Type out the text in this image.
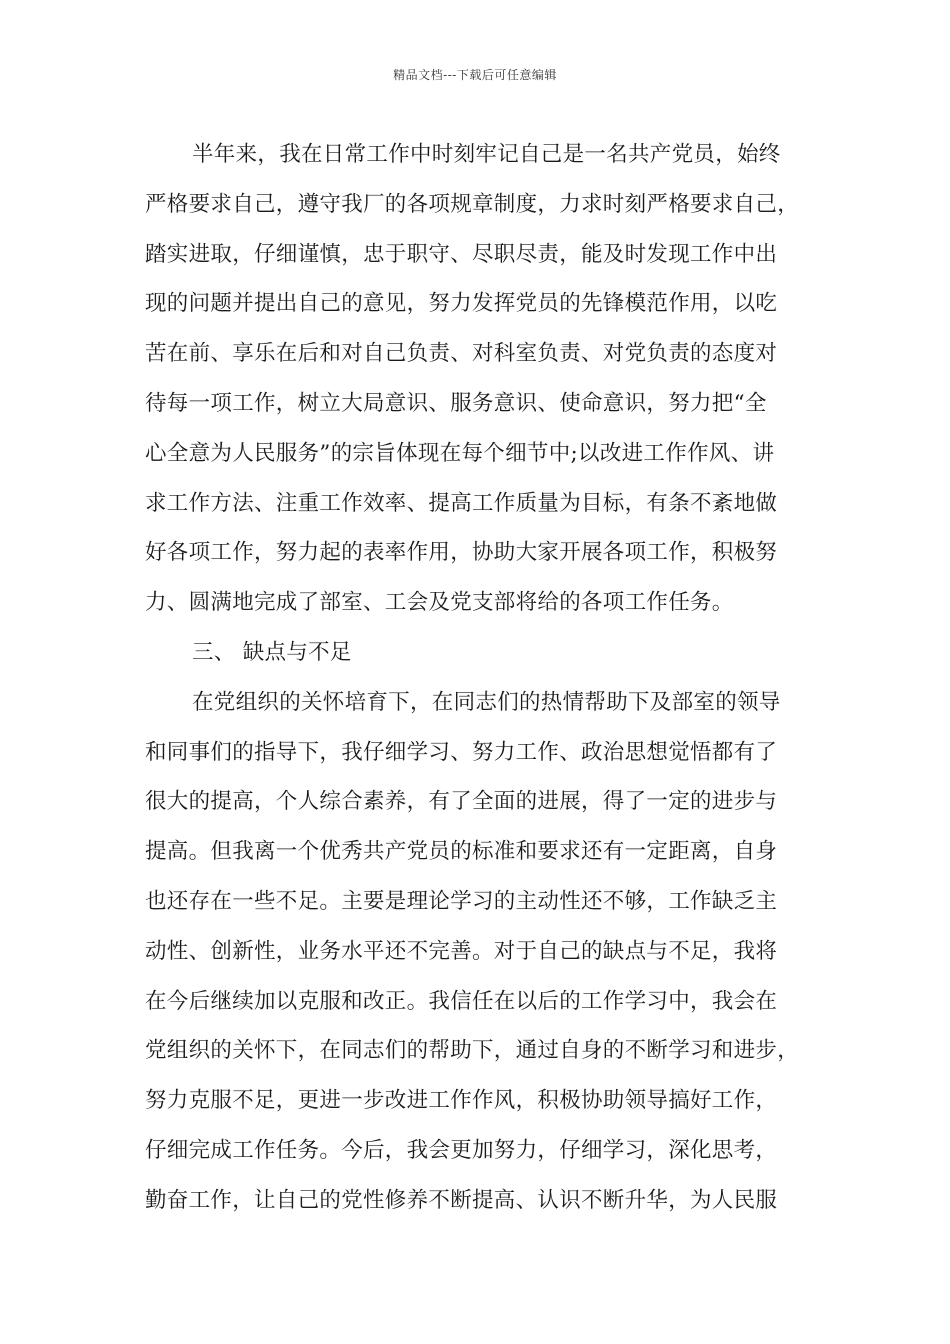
精品文档---下载后可任意编辑
半年来，我在日常工作中时刻牢记自己是一名共产党员，始终
严格要求自己，遵守我厂的各项规章制度，力求时刻严格要求自己，
踏实进取，仔细谨慎，忠于职守、尽职尽责，能及时发现工作中出
现的问题并提出自己的意见，努力发挥党员的先锋模范作用，以吃
苦在前、享乐在后和对自己负责、对科室负责、对党负责的态度对
待每一项工作，树立大局意识、服务意识、使命意识，努力把“全
心全意为人民服务”的宗旨体现在每个细节中;以改进工作作风、讲
求工作方法、注重工作效率、提高工作质量为目标，有条不紊地做
好各项工作，努力起的表率作用，协助大家开展各项工作，积极努
力、圆满地完成了部室、工会及党支部将给的各项工作任务。
三、 缺点与不足
在党组织的关怀培育下，在同志们的热情帮助下及部室的领导
和同事们的指导下，我仔细学习、努力工作、政治思想觉悟都有了
很大的提高，个人综合素养，有了全面的进展，得了一定的进步与
提高。但我离一个优秀共产党员的标准和要求还有一定距离，自身
也还存在一些不足。主要是理论学习的主动性还不够，工作缺乏主
动性、创新性，业务水平还不完善。对于自己的缺点与不足，我将
在今后继续加以克服和改正。我信任在以后的工作学习中，我会在
党组织的关怀下，在同志们的帮助下，通过自身的不断学习和进步，
努力克服不足，更进一步改进工作作风，积极协助领导搞好工作，
仔细完成工作任务。今后，我会更加努力，仔细学习，深化思考，
勤奋工作，让自己的党性修养不断提高、认识不断升华，为人民服
